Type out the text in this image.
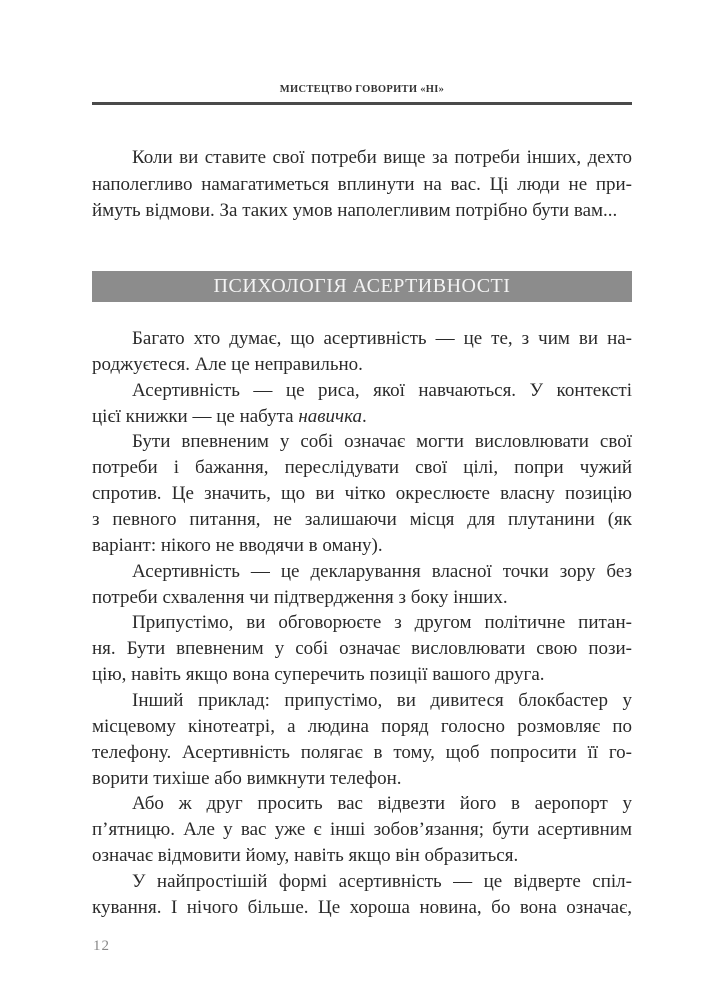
МИСТЕЦТВО ГОВОРИТИ «НІ»
Коли ви ставите свої потреби вище за потреби інших, дехто
наполегливо намагатиметься вплинути на вас. Ці люди не при-
ймуть відмови. За таких умов наполегливим потрібно бути вам...
ПСИХОЛОГІЯ АСЕРТИВНОСТІ
Багато хто думає, що асертивність — це те, з чим ви на-
роджуєтеся. Але це неправильно.
Асертивність — це риса, якої навчаються. У контексті
цієї книжки — це набута навичка.
Бути впевненим у собі означає могти висловлювати свої
потреби і бажання, переслідувати свої цілі, попри чужий
спротив. Це значить, що ви чітко окреслюєте власну позицію
з певного питання, не залишаючи місця для плутанини (як
варіант: нікого не вводячи в оману).
Асертивність — це декларування власної точки зору без
потреби схвалення чи підтвердження з боку інших.
Припустімо, ви обговорюєте з другом політичне питан-
ня. Бути впевненим у собі означає висловлювати свою пози-
цію, навіть якщо вона суперечить позиції вашого друга.
Інший приклад: припустімо, ви дивитеся блокбастер у
місцевому кінотеатрі, а людина поряд голосно розмовляє по
телефону. Асертивність полягає в тому, щоб попросити її го-
ворити тихіше або вимкнути телефон.
Або ж друг просить вас відвезти його в аеропорт у
п’ятницю. Але у вас уже є інші зобов’язання; бути асертивним
означає відмовити йому, навіть якщо він образиться.
У найпростішій формі асертивність — це відверте спіл-
кування. І нічого більше. Це хороша новина, бо вона означає,
12
